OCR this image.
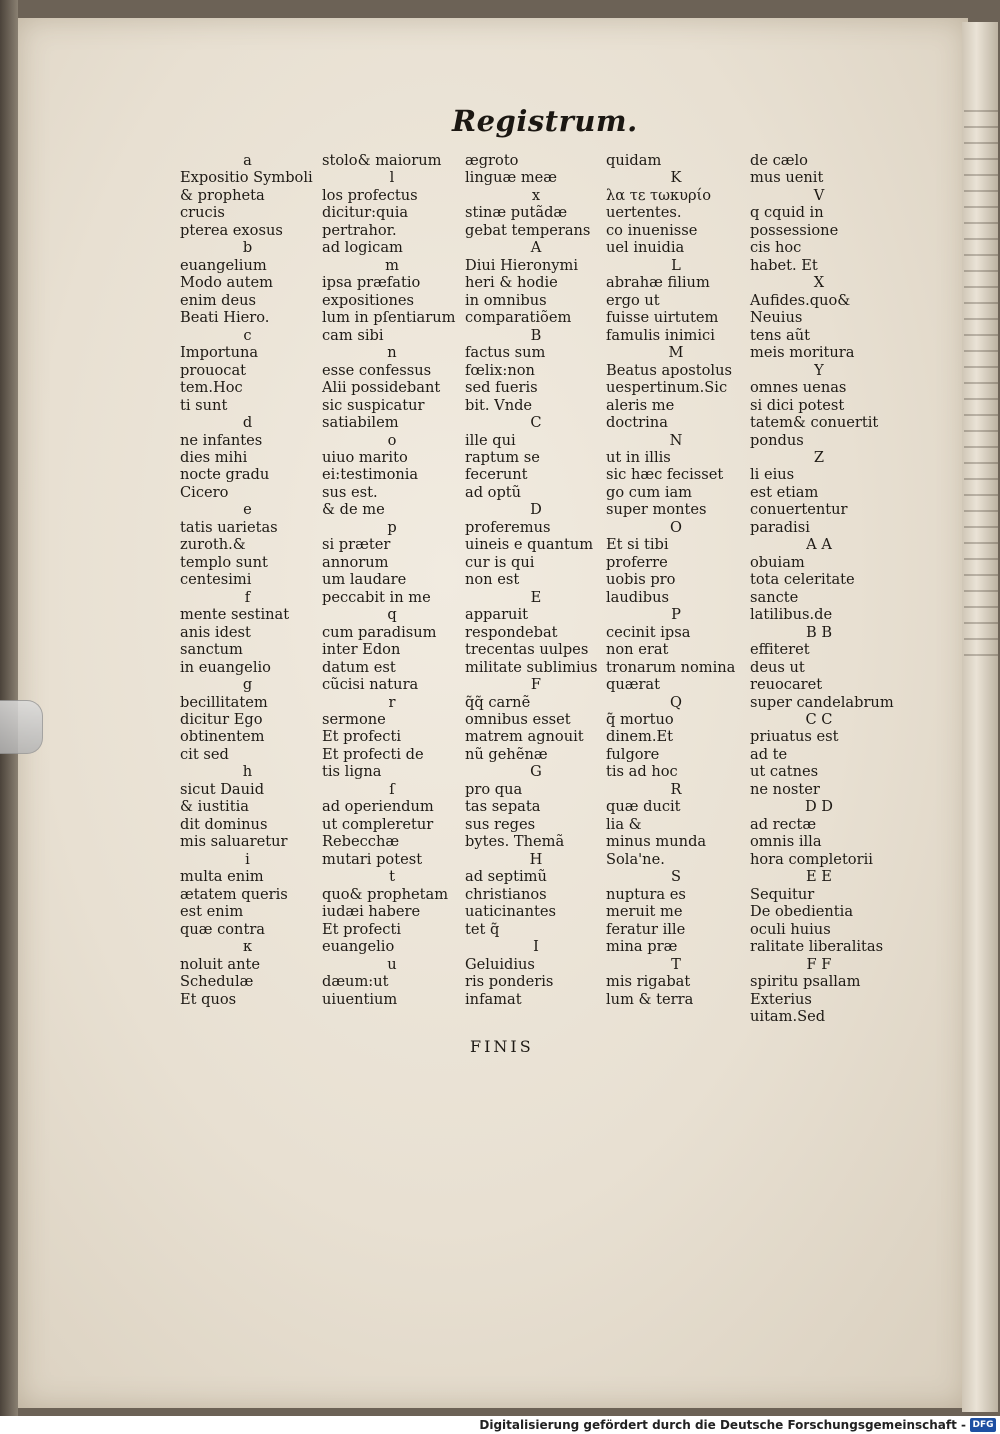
Registrum.
a
Expositio Symboli
& propheta
crucis
pterea exosus
b
euangelium
Modo autem
enim deus
Beati Hiero.
c
Importuna
prouocat
tem.Hoc
ti sunt
d
ne infantes
dies mihi
nocte gradu
Cicero
e
tatis uarietas
zuroth.&
templo sunt
centesimi
f
mente sestinat
anis idest
sanctum
in euangelio
g
becillitatem
dicitur Ego
obtinentem
cit sed
h
sicut Dauid
& iustitia
dit dominus
mis saluaretur
i
multa enim
ætatem queris
est enim
quæ contra
κ
noluit ante
Schedulæ
Et quos
stolo& maiorum
l
los profectus
dicitur:quia
pertrahor.
ad logicam
m
ipsa præfatio
expositiones
lum in pſentiarum
cam sibi
n
esse confessus
Alii possidebant
sic suspicatur
satiabilem
o
uiuo marito
ei:testimonia
sus est.
& de me
p
si præter
annorum
um laudare
peccabit in me
q
cum paradisum
inter Edon
datum est
cũcisi natura
r
sermone
Et profecti
Et profecti de
tis ligna
ſ
ad operiendum
ut compleretur
Rebecchæ
mutari potest
t
quo& prophetam
iudæi habere
Et profecti
euangelio
u
dæum:ut
uiuentium
ægroto
linguæ meæ
x
stinæ putãdæ
gebat temperans
A
Diui Hieronymi
heri & hodie
in omnibus
comparatiõem
B
factus sum
fœlix:non
sed fueris
bit. Vnde
C
ille qui
raptum se
fecerunt
ad optũ
D
proferemus
uineis e quantum
cur is qui
non est
E
apparuit
respondebat
trecentas uulpes
militate sublimius
F
q̃q̃ carnẽ
omnibus esset
matrem agnouit
nũ gehẽnæ
G
pro qua
tas sepata
sus reges
bytes. Themã
H
ad septimũ
christianos
uaticinantes
tet q̃
I
Geluidius
ris ponderis
infamat
quidam
K
λα τε τωκυρίο
uertentes.
co inuenisse
uel inuidia
L
abrahæ filium
ergo ut
fuisse uirtutem
famulis inimici
M
Beatus apostolus
uespertinum.Sic
aleris me
doctrina
N
ut in illis
sic hæc fecisset
go cum iam
super montes
O
Et si tibi
proferre
uobis pro
laudibus
P
cecinit ipsa
non erat
tronarum nomina
quærat
Q
q̃ mortuo
dinem.Et
fulgore
tis ad hoc
R
quæ ducit
lia &
minus munda
Sola'ne.
S
nuptura es
meruit me
feratur ille
mina præ
T
mis rigabat
lum & terra
de cælo
mus uenit
V
q cquid in
possessione
cis hoc
habet. Et
X
Aufides.quo&
Neuius
tens aũt
meis moritura
Y
omnes uenas
si dici potest
tatem& conuertit
pondus
Z
li eius
est etiam
conuertentur
paradisi
A A
obuiam
tota celeritate
sancte
latilibus.de
B B
effiteret
deus ut
reuocaret
super candelabrum
C C
priuatus est
ad te
ut catnes
ne noster
D D
ad rectæ
omnis illa
hora completorii
E E
Sequitur
De obedientia
oculi huius
ralitate liberalitas
F F
spiritu psallam
Exterius
uitam.Sed
FINIS
Digitalisierung gefördert durch die Deutsche Forschungsgemeinschaft - DFG
